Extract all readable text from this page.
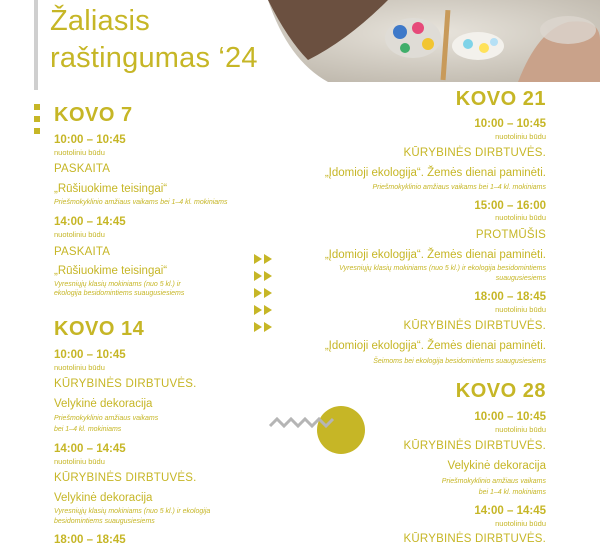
Žaliasis
raštingumas ‘24
KOVO 7
10:00 – 10:45
nuotoliniu būdu
PASKAITA
„Rūšiuokime teisingai“
Priešmokyklinio amžiaus vaikams bei 1–4 kl. mokiniams
14:00 – 14:45
nuotoliniu būdu
PASKAITA
„Rūšiuokime teisingai“
Vyresniųjų klasių mokiniams (nuo 5 kl.) ir
ekologija besidomintiems suaugusiesiems
KOVO 14
10:00 – 10:45
nuotoliniu būdu
KŪRYBINĖS DIRBTUVĖS.
Velykinė dekoracija
Priešmokyklinio amžiaus vaikams
bei 1–4 kl. mokiniams
14:00 – 14:45
nuotoliniu būdu
KŪRYBINĖS DIRBTUVĖS.
Velykinė dekoracija
Vyresniųjų klasių mokiniams (nuo 5 kl.) ir ekologija
besidomintiems suaugusiesiems
18:00 – 18:45
KOVO 21
10:00 – 10:45
nuotoliniu būdu
KŪRYBINĖS DIRBTUVĖS.
„Įdomioji ekologija“. Žemės dienai paminėti.
Priešmokyklinio amžiaus vaikams bei 1–4 kl. mokiniams
15:00 – 16:00
nuotoliniu būdu
PROTMŪŠIS
„Įdomioji ekologija“. Žemės dienai paminėti.
Vyresniųjų klasių mokiniams (nuo 5 kl.) ir ekologija besidomintiems
suaugusiesiems
18:00 – 18:45
nuotoliniu būdu
KŪRYBINĖS DIRBTUVĖS.
„Įdomioji ekologija“. Žemės dienai paminėti.
Šeimoms bei ekologija besidomintiems suaugusiesiems
KOVO 28
10:00 – 10:45
nuotoliniu būdu
KŪRYBINĖS DIRBTUVĖS.
Velykinė dekoracija
Priešmokyklinio amžiaus vaikams
bei 1–4 kl. mokiniams
14:00 – 14:45
nuotoliniu būdu
KŪRYBINĖS DIRBTUVĖS.
